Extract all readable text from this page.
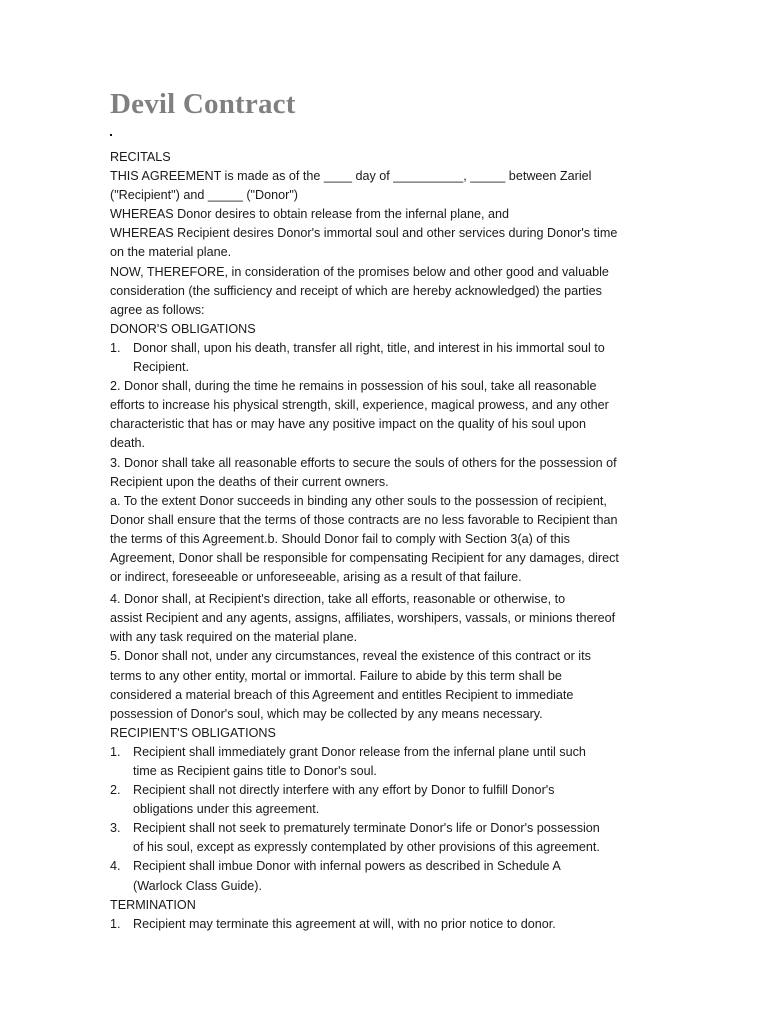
Devil Contract
RECITALS
THIS AGREEMENT is made as of the ____ day of __________, _____ between Zariel
("Recipient") and _____ ("Donor")
WHEREAS Donor desires to obtain release from the infernal plane, and
WHEREAS Recipient desires Donor's immortal soul and other services during Donor's time
on the material plane.
NOW, THEREFORE, in consideration of the promises below and other good and valuable
consideration (the sufficiency and receipt of which are hereby acknowledged) the parties
agree as follows:
DONOR'S OBLIGATIONS
1. Donor shall, upon his death, transfer all right, title, and interest in his immortal soul to
Recipient.
2. Donor shall, during the time he remains in possession of his soul, take all reasonable
efforts to increase his physical strength, skill, experience, magical prowess, and any other
characteristic that has or may have any positive impact on the quality of his soul upon
death.
3. Donor shall take all reasonable efforts to secure the souls of others for the possession of
Recipient upon the deaths of their current owners.
a. To the extent Donor succeeds in binding any other souls to the possession of recipient,
Donor shall ensure that the terms of those contracts are no less favorable to Recipient than
the terms of this Agreement.b. Should Donor fail to comply with Section 3(a) of this
Agreement, Donor shall be responsible for compensating Recipient for any damages, direct
or indirect, foreseeable or unforeseeable, arising as a result of that failure.
4. Donor shall, at Recipient's direction, take all efforts, reasonable or otherwise, to
assist Recipient and any agents, assigns, affiliates, worshipers, vassals, or minions thereof
with any task required on the material plane.
5. Donor shall not, under any circumstances, reveal the existence of this contract or its
terms to any other entity, mortal or immortal. Failure to abide by this term shall be
considered a material breach of this Agreement and entitles Recipient to immediate
possession of Donor's soul, which may be collected by any means necessary.
RECIPIENT'S OBLIGATIONS
1. Recipient shall immediately grant Donor release from the infernal plane until such
time as Recipient gains title to Donor's soul.
2. Recipient shall not directly interfere with any effort by Donor to fulfill Donor's
obligations under this agreement.
3. Recipient shall not seek to prematurely terminate Donor's life or Donor's possession
of his soul, except as expressly contemplated by other provisions of this agreement.
4. Recipient shall imbue Donor with infernal powers as described in Schedule A
(Warlock Class Guide).
TERMINATION
1. Recipient may terminate this agreement at will, with no prior notice to donor.
